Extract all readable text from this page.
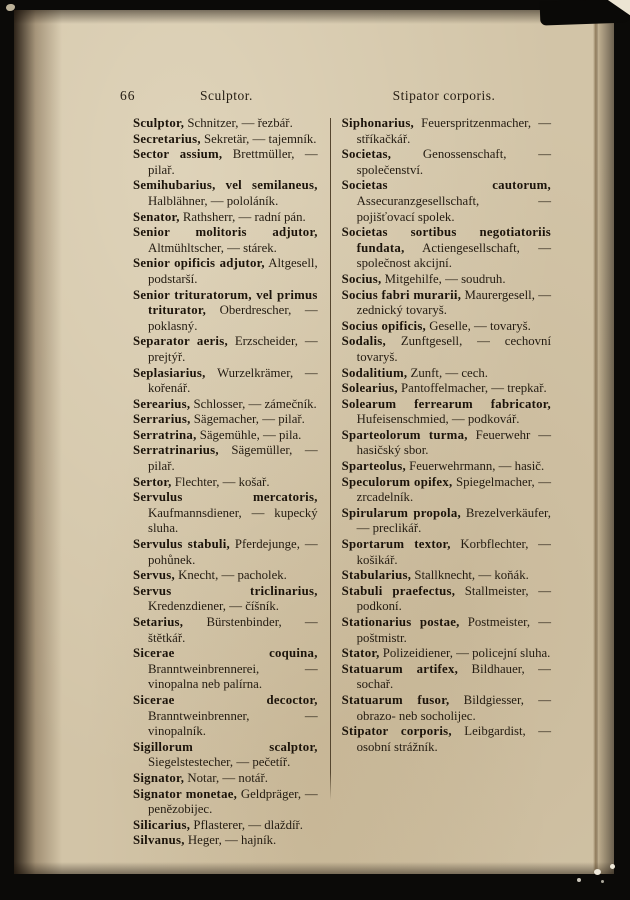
66	Sculptor.	Stipator corporis.
Sculptor, Schnitzer, — řezbář.
Secretarius, Sekretär, — tajemník.
Sector assium, Brettmüller, — pilař.
Semihubarius, vel semilaneus, Halblähner, — pololáník.
Senator, Rathsherr, — radní pán.
Senior molitoris adjutor, Altmühltscher, — stárek.
Senior opificis adjutor, Altgesell, podstarší.
Senior trituratorum, vel primus triturator, Oberdrescher, — poklasný.
Separator aeris, Erzscheider, — prejtýř.
Seplasiarius, Wurzelkrämer, — kořenář.
Serearius, Schlosser, — zámečník.
Serrarius, Sägemacher, — pilař.
Serratrina, Sägemühle, — pila.
Serratrinarius, Sägemüller, — pilař.
Sertor, Flechter, — košař.
Servulus mercatoris, Kaufmannsdiener, — kupecký sluha.
Servulus stabuli, Pferdejunge, — pohůnek.
Servus, Knecht, — pacholek.
Servus triclinarius, Kredenzdiener, — číšník.
Setarius, Bürstenbinder, — štětkář.
Sicerae coquina, Branntweinbrennerei, — vinopalna neb palírna.
Sicerae decoctor, Branntweinbrenner, — vinopalník.
Sigillorum scalptor, Siegelstestecher, — pečetíř.
Signator, Notar, — notář.
Signator monetae, Geldpräger, — penězobijec.
Silicarius, Pflasterer, — dlaždíř.
Silvanus, Heger, — hajník.
Siphonarius, Feuerspritzenmacher, — stříkačkář.
Societas, Genossenschaft, — společenství.
Societas cautorum, Assecuranzgesellschaft, — pojišťovací spolek.
Societas sortibus negotiatoriis fundata, Actiengesellschaft, — společnost akcijní.
Socius, Mitgehilfe, — soudruh.
Socius fabri murarii, Maurergesell, — zednický tovaryš.
Socius opificis, Geselle, — tovaryš.
Sodalis, Zunftgesell, — cechovní tovaryš.
Sodalitium, Zunft, — cech.
Solearius, Pantoffelmacher, — trepkař.
Solearum ferrearum fabricator, Hufeisenschmied, — podkovář.
Sparteolorum turma, Feuerwehr — hasičský sbor.
Sparteolus, Feuerwehrmann, — hasič.
Speculorum opifex, Spiegelmacher, — zrcadelník.
Spirularum propola, Brezelverkäufer, — preclikář.
Sportarum textor, Korbflechter, — košikář.
Stabularius, Stallknecht, — koňák.
Stabuli praefectus, Stallmeister, — podkoní.
Stationarius postae, Postmeister, — poštmistr.
Stator, Polizeidiener, — policejní sluha.
Statuarum artifex, Bildhauer, — sochař.
Statuarum fusor, Bildgiesser, — obrazo- neb socholijec.
Stipator corporis, Leibgardist, — osobní strážník.
